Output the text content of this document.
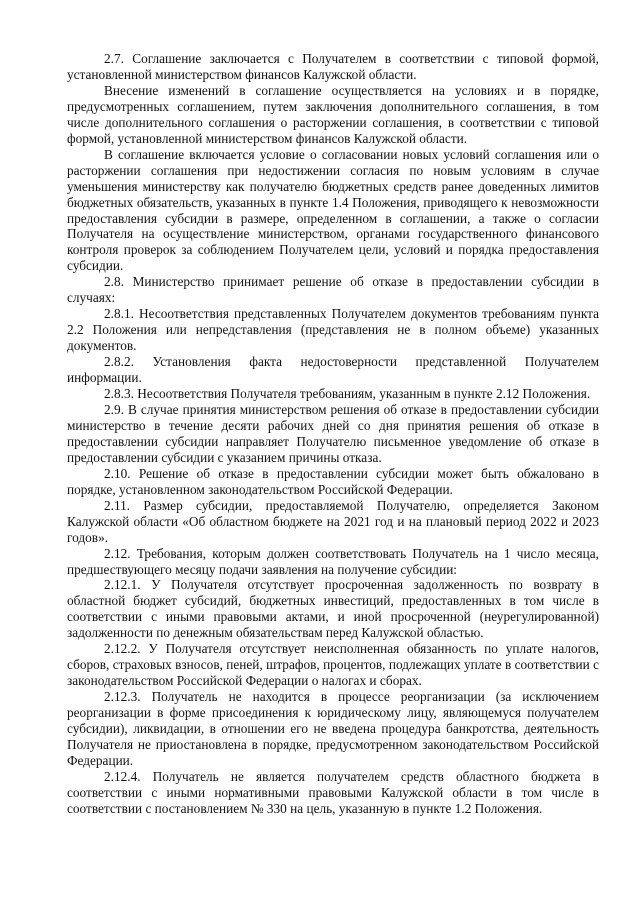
2.7. Соглашение заключается с Получателем в соответствии с типовой формой, установленной министерством финансов Калужской области.

Внесение изменений в соглашение осуществляется на условиях и в порядке, предусмотренных соглашением, путем заключения дополнительного соглашения, в том числе дополнительного соглашения о расторжении соглашения, в соответствии с типовой формой, установленной министерством финансов Калужской области.

В соглашение включается условие о согласовании новых условий соглашения или о расторжении соглашения при недостижении согласия по новым условиям в случае уменьшения министерству как получателю бюджетных средств ранее доведенных лимитов бюджетных обязательств, указанных в пункте 1.4 Положения, приводящего к невозможности предоставления субсидии в размере, определенном в соглашении, а также о согласии Получателя на осуществление министерством, органами государственного финансового контроля проверок за соблюдением Получателем цели, условий и порядка предоставления субсидии.

2.8. Министерство принимает решение об отказе в предоставлении субсидии в случаях:

2.8.1. Несоответствия представленных Получателем документов требованиям пункта 2.2 Положения или непредставления (представления не в полном объеме) указанных документов.

2.8.2. Установления факта недостоверности представленной Получателем информации.

2.8.3. Несоответствия Получателя требованиям, указанным в пункте 2.12 Положения.

2.9. В случае принятия министерством решения об отказе в предоставлении субсидии министерство в течение десяти рабочих дней со дня принятия решения об отказе в предоставлении субсидии направляет Получателю письменное уведомление об отказе в предоставлении субсидии с указанием причины отказа.

2.10. Решение об отказе в предоставлении субсидии может быть обжаловано в порядке, установленном законодательством Российской Федерации.

2.11. Размер субсидии, предоставляемой Получателю, определяется Законом Калужской области «Об областном бюджете на 2021 год и на плановый период 2022 и 2023 годов».

2.12. Требования, которым должен соответствовать Получатель на 1 число месяца, предшествующего месяцу подачи заявления на получение субсидии:

2.12.1. У Получателя отсутствует просроченная задолженность по возврату в областной бюджет субсидий, бюджетных инвестиций, предоставленных в том числе в соответствии с иными правовыми актами, и иной просроченной (неурегулированной) задолженности по денежным обязательствам перед Калужской областью.

2.12.2. У Получателя отсутствует неисполненная обязанность по уплате налогов, сборов, страховых взносов, пеней, штрафов, процентов, подлежащих уплате в соответствии с законодательством Российской Федерации о налогах и сборах.

2.12.3. Получатель не находится в процессе реорганизации (за исключением реорганизации в форме присоединения к юридическому лицу, являющемуся получателем субсидии), ликвидации, в отношении его не введена процедура банкротства, деятельность Получателя не приостановлена в порядке, предусмотренном законодательством Российской Федерации.

2.12.4. Получатель не является получателем средств областного бюджета в соответствии с иными нормативными правовыми Калужской области в том числе в соответствии с постановлением № 330 на цель, указанную в пункте 1.2 Положения.
